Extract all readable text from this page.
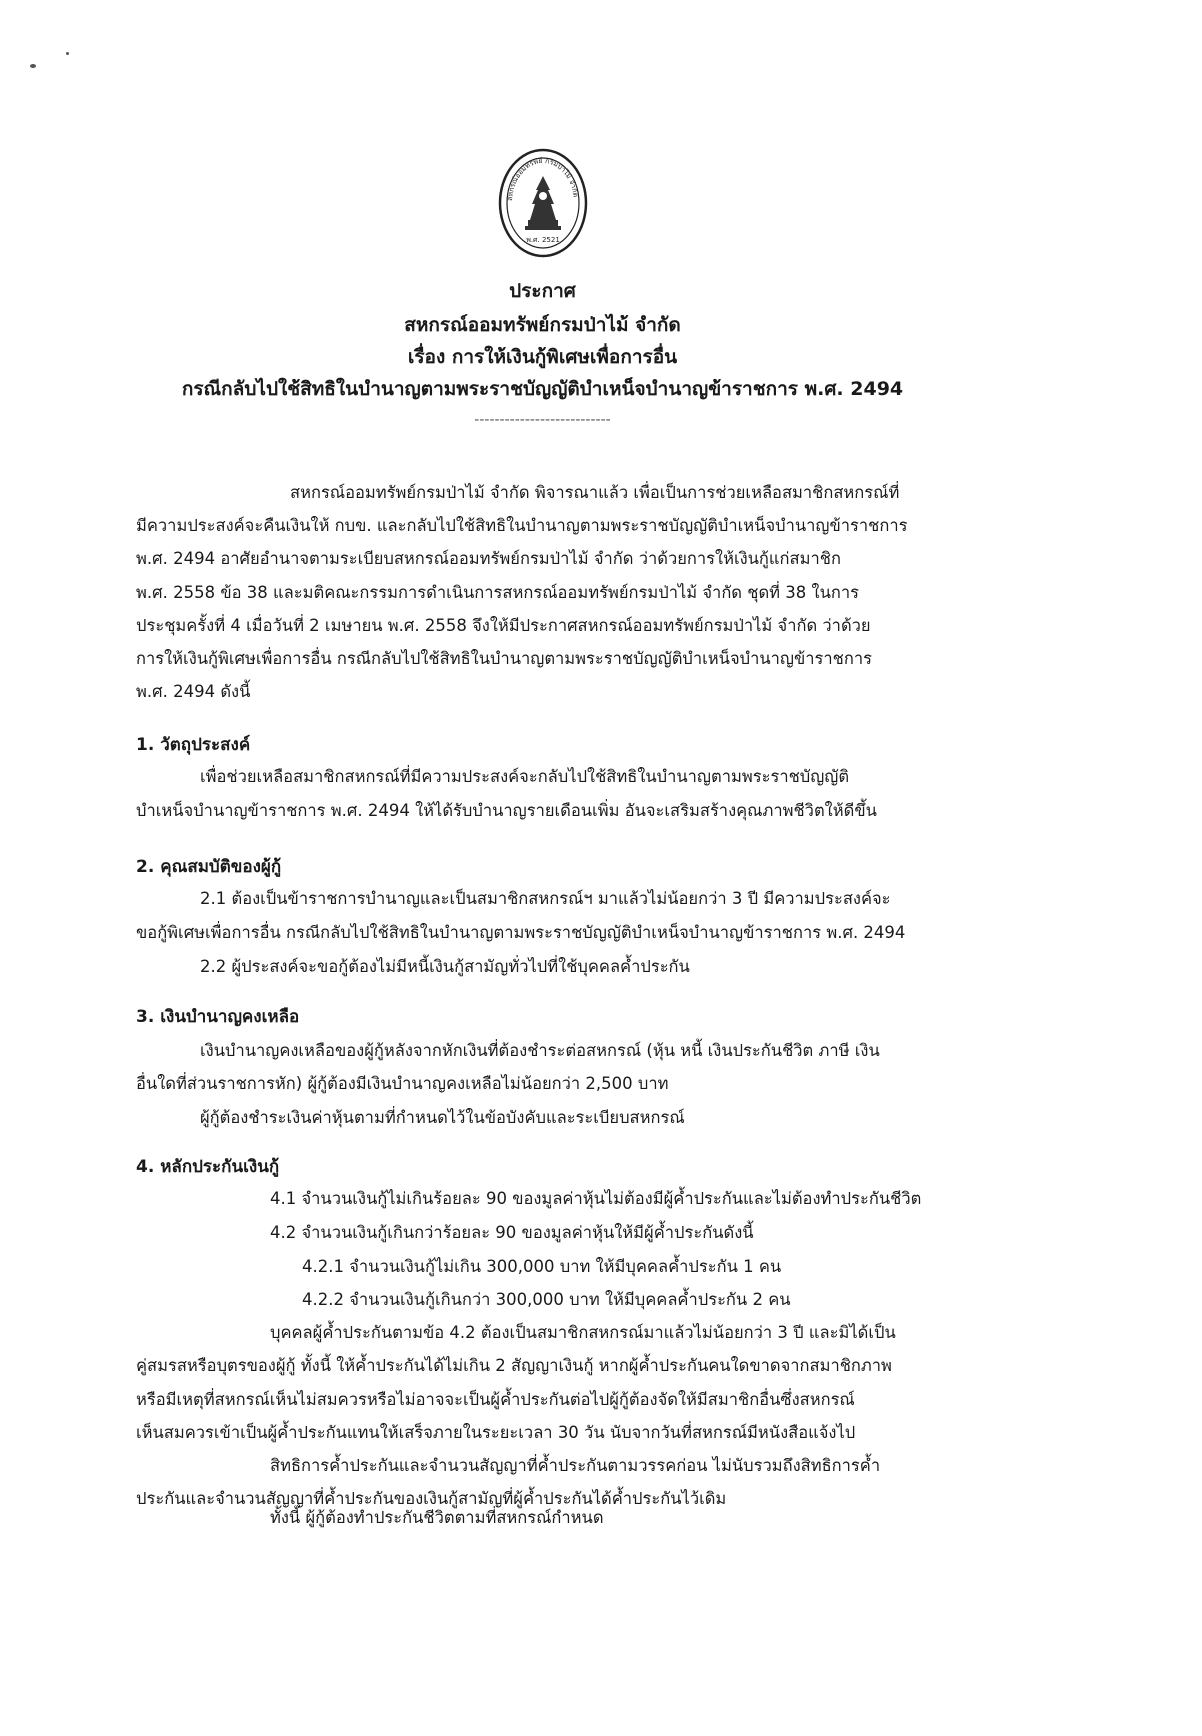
สหกรณ์ออมทรัพย์ กรมป่าไม้ จำกัด
พ.ศ. 2521
ประกาศ
สหกรณ์ออมทรัพย์กรมป่าไม้ จำกัด
เรื่อง การให้เงินกู้พิเศษเพื่อการอื่น
กรณีกลับไปใช้สิทธิในบำนาญตามพระราชบัญญัติบำเหน็จบำนาญข้าราชการ พ.ศ. 2494
---------------------------
สหกรณ์ออมทรัพย์กรมป่าไม้ จำกัด พิจารณาแล้ว เพื่อเป็นการช่วยเหลือสมาชิกสหกรณ์ที่
มีความประสงค์จะคืนเงินให้ กบข. และกลับไปใช้สิทธิในบำนาญตามพระราชบัญญัติบำเหน็จบำนาญข้าราชการ
พ.ศ. 2494 อาศัยอำนาจตามระเบียบสหกรณ์ออมทรัพย์กรมป่าไม้ จำกัด ว่าด้วยการให้เงินกู้แก่สมาชิก
พ.ศ. 2558 ข้อ 38 และมติคณะกรรมการดำเนินการสหกรณ์ออมทรัพย์กรมป่าไม้ จำกัด ชุดที่ 38 ในการ
ประชุมครั้งที่ 4 เมื่อวันที่ 2 เมษายน พ.ศ. 2558 จึงให้มีประกาศสหกรณ์ออมทรัพย์กรมป่าไม้ จำกัด ว่าด้วย
การให้เงินกู้พิเศษเพื่อการอื่น กรณีกลับไปใช้สิทธิในบำนาญตามพระราชบัญญัติบำเหน็จบำนาญข้าราชการ
พ.ศ. 2494 ดังนี้
1. วัตถุประสงค์
เพื่อช่วยเหลือสมาชิกสหกรณ์ที่มีความประสงค์จะกลับไปใช้สิทธิในบำนาญตามพระราชบัญญัติ
บำเหน็จบำนาญข้าราชการ พ.ศ. 2494 ให้ได้รับบำนาญรายเดือนเพิ่ม อันจะเสริมสร้างคุณภาพชีวิตให้ดีขึ้น
2. คุณสมบัติของผู้กู้
2.1 ต้องเป็นข้าราชการบำนาญและเป็นสมาชิกสหกรณ์ฯ มาแล้วไม่น้อยกว่า 3 ปี มีความประสงค์จะ
ขอกู้พิเศษเพื่อการอื่น กรณีกลับไปใช้สิทธิในบำนาญตามพระราชบัญญัติบำเหน็จบำนาญข้าราชการ พ.ศ. 2494
2.2 ผู้ประสงค์จะขอกู้ต้องไม่มีหนี้เงินกู้สามัญทั่วไปที่ใช้บุคคลค้ำประกัน
3. เงินบำนาญคงเหลือ
เงินบำนาญคงเหลือของผู้กู้หลังจากหักเงินที่ต้องชำระต่อสหกรณ์ (หุ้น หนี้ เงินประกันชีวิต ภาษี เงิน
อื่นใดที่ส่วนราชการหัก) ผู้กู้ต้องมีเงินบำนาญคงเหลือไม่น้อยกว่า 2,500 บาท
ผู้กู้ต้องชำระเงินค่าหุ้นตามที่กำหนดไว้ในข้อบังคับและระเบียบสหกรณ์
4. หลักประกันเงินกู้
4.1 จำนวนเงินกู้ไม่เกินร้อยละ 90 ของมูลค่าหุ้นไม่ต้องมีผู้ค้ำประกันและไม่ต้องทำประกันชีวิต
4.2 จำนวนเงินกู้เกินกว่าร้อยละ 90 ของมูลค่าหุ้นให้มีผู้ค้ำประกันดังนี้
4.2.1 จำนวนเงินกู้ไม่เกิน 300,000 บาท ให้มีบุคคลค้ำประกัน 1 คน
4.2.2 จำนวนเงินกู้เกินกว่า 300,000 บาท ให้มีบุคคลค้ำประกัน 2 คน
บุคคลผู้ค้ำประกันตามข้อ 4.2 ต้องเป็นสมาชิกสหกรณ์มาแล้วไม่น้อยกว่า 3 ปี และมิได้เป็น
คู่สมรสหรือบุตรของผู้กู้ ทั้งนี้ ให้ค้ำประกันได้ไม่เกิน 2 สัญญาเงินกู้ หากผู้ค้ำประกันคนใดขาดจากสมาชิกภาพ
หรือมีเหตุที่สหกรณ์เห็นไม่สมควรหรือไม่อาจจะเป็นผู้ค้ำประกันต่อไปผู้กู้ต้องจัดให้มีสมาชิกอื่นซึ่งสหกรณ์
เห็นสมควรเข้าเป็นผู้ค้ำประกันแทนให้เสร็จภายในระยะเวลา 30 วัน นับจากวันที่สหกรณ์มีหนังสือแจ้งไป
สิทธิการค้ำประกันและจำนวนสัญญาที่ค้ำประกันตามวรรคก่อน ไม่นับรวมถึงสิทธิการค้ำ
ประกันและจำนวนสัญญาที่ค้ำประกันของเงินกู้สามัญที่ผู้ค้ำประกันได้ค้ำประกันไว้เดิม
ทั้งนี้ ผู้กู้ต้องทำประกันชีวิตตามที่สหกรณ์กำหนด
